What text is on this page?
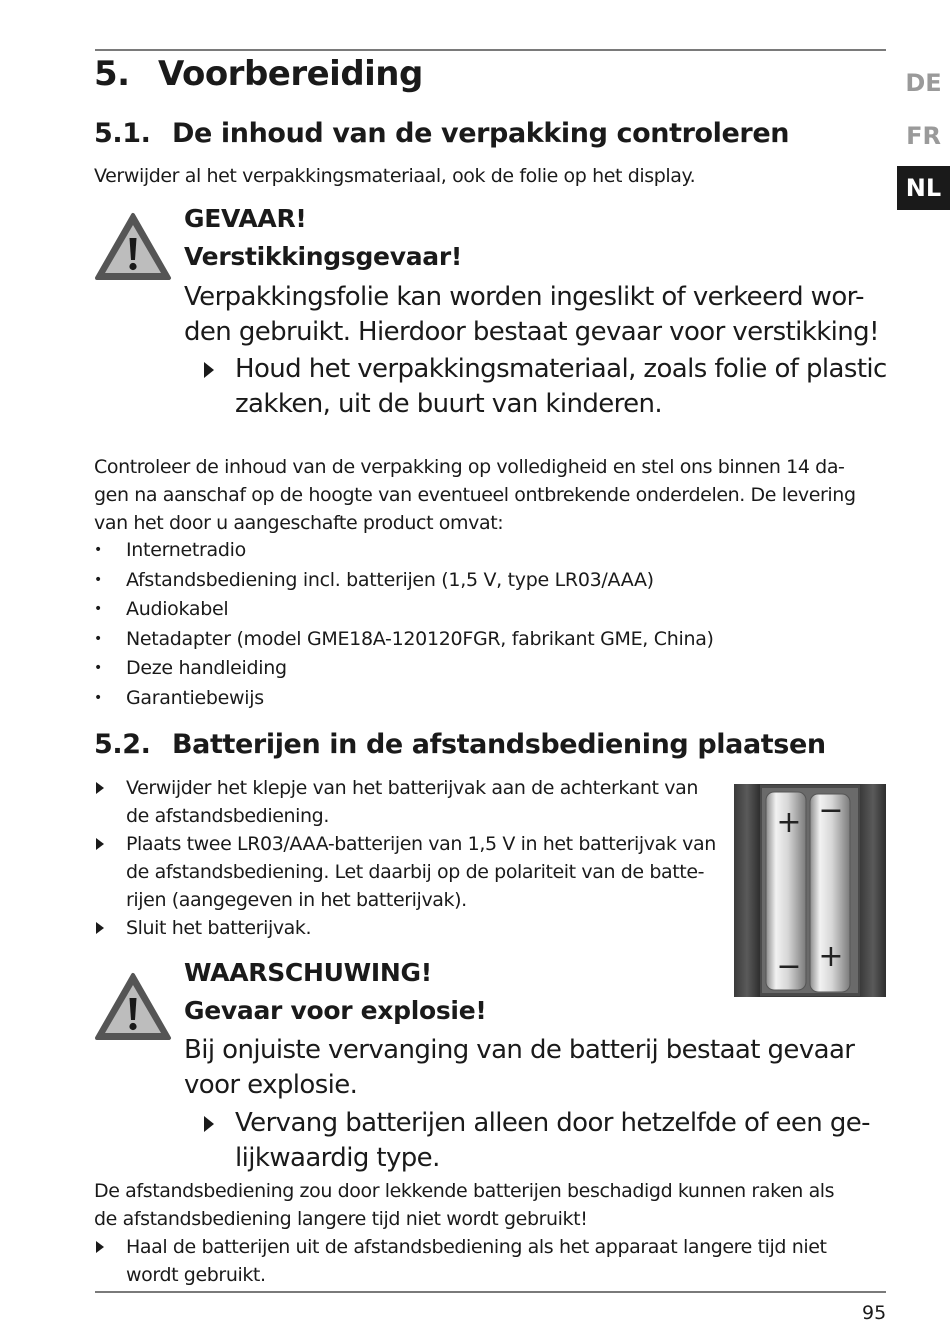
DE
FR
NL
5. Voorbereiding
5.1. De inhoud van de verpakking controleren
Verwijder al het verpakkingsmateriaal, ook de folie op het display.
GEVAAR!
Verstikkingsgevaar!
Verpakkingsfolie kan worden ingeslikt of verkeerd wor-
den gebruikt. Hierdoor bestaat gevaar voor verstikking!
Houd het verpakkingsmateriaal, zoals folie of plastic
zakken, uit de buurt van kinderen.
Controleer de inhoud van de verpakking op volledigheid en stel ons binnen 14 da-
gen na aanschaf op de hoogte van eventueel ontbrekende onderdelen. De levering
van het door u aangeschafte product omvat:
• Internetradio
• Afstandsbediening incl. batterijen (1,5 V, type LR03/AAA)
• Audiokabel
• Netadapter (model GME18A-120120FGR, fabrikant GME, China)
• Deze handleiding
• Garantiebewijs
5.2. Batterijen in de afstandsbediening plaatsen
Verwijder het klepje van het batterijvak aan de achterkant van
de afstandsbediening.
Plaats twee LR03/AAA-batterijen van 1,5 V in het batterijvak van
de afstandsbediening. Let daarbij op de polariteit van de batte-
rijen (aangegeven in het batterijvak).
Sluit het batterijvak.
+ −
− +
WAARSCHUWING!
Gevaar voor explosie!
Bij onjuiste vervanging van de batterij bestaat gevaar
voor explosie.
Vervang batterijen alleen door hetzelfde of een ge-
lijkwaardig type.
De afstandsbediening zou door lekkende batterijen beschadigd kunnen raken als
de afstandsbediening langere tijd niet wordt gebruikt!
Haal de batterijen uit de afstandsbediening als het apparaat langere tijd niet
wordt gebruikt.
95
